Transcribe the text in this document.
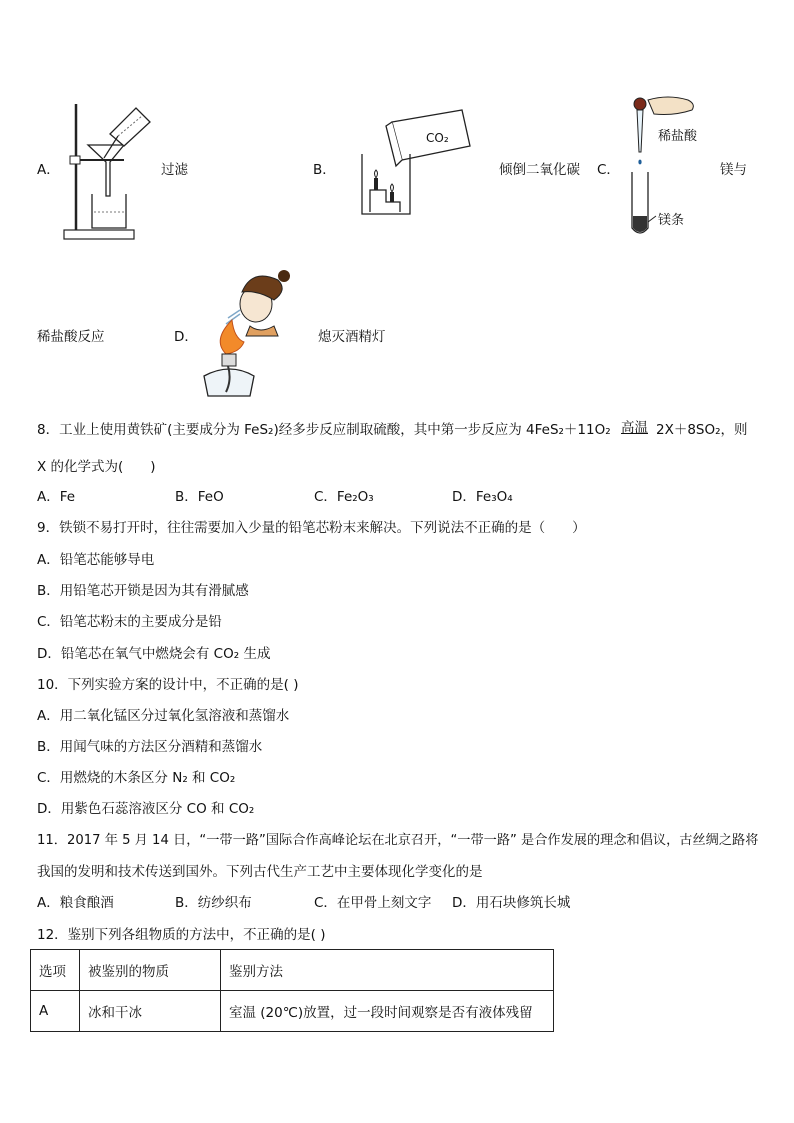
A．	过滤	B．
CO₂
倾倒二氧化碳 C．
稀盐酸
镁条
镁与
稀盐酸反应	D．	熄灭酒精灯
8．工业上使用黄铁矿(主要成分为 FeS₂)经多步反应制取硫酸，其中第一步反应为 4FeS₂＋11O₂ 高温 2X＋8SO₂，则
X 的化学式为(　　)
A．Fe	B．FeO	C．Fe₂O₃	D．Fe₃O₄
9．铁锁不易打开时，往往需要加入少量的铅笔芯粉末来解决。下列说法不正确的是（　　）
A．铅笔芯能够导电
B．用铅笔芯开锁是因为其有滑腻感
C．铅笔芯粉末的主要成分是铅
D．铅笔芯在氧气中燃烧会有 CO₂ 生成
10．下列实验方案的设计中，不正确的是( )
A．用二氧化锰区分过氧化氢溶液和蒸馏水
B．用闻气味的方法区分酒精和蒸馏水
C．用燃烧的木条区分 N₂ 和 CO₂
D．用紫色石蕊溶液区分 CO 和 CO₂
11．2017 年 5 月 14 日，“一带一路”国际合作高峰论坛在北京召开，“一带一路” 是合作发展的理念和倡议，古丝绸之路将
我国的发明和技术传送到国外。下列古代生产工艺中主要体现化学变化的是
A．粮食酿酒	B．纺纱织布	C．在甲骨上刻文字 D．用石块修筑长城
12．鉴别下列各组物质的方法中，不正确的是( )
选项	被鉴别的物质	鉴别方法
A	冰和干冰	室温 (20℃)放置，过一段时间观察是否有液体残留
